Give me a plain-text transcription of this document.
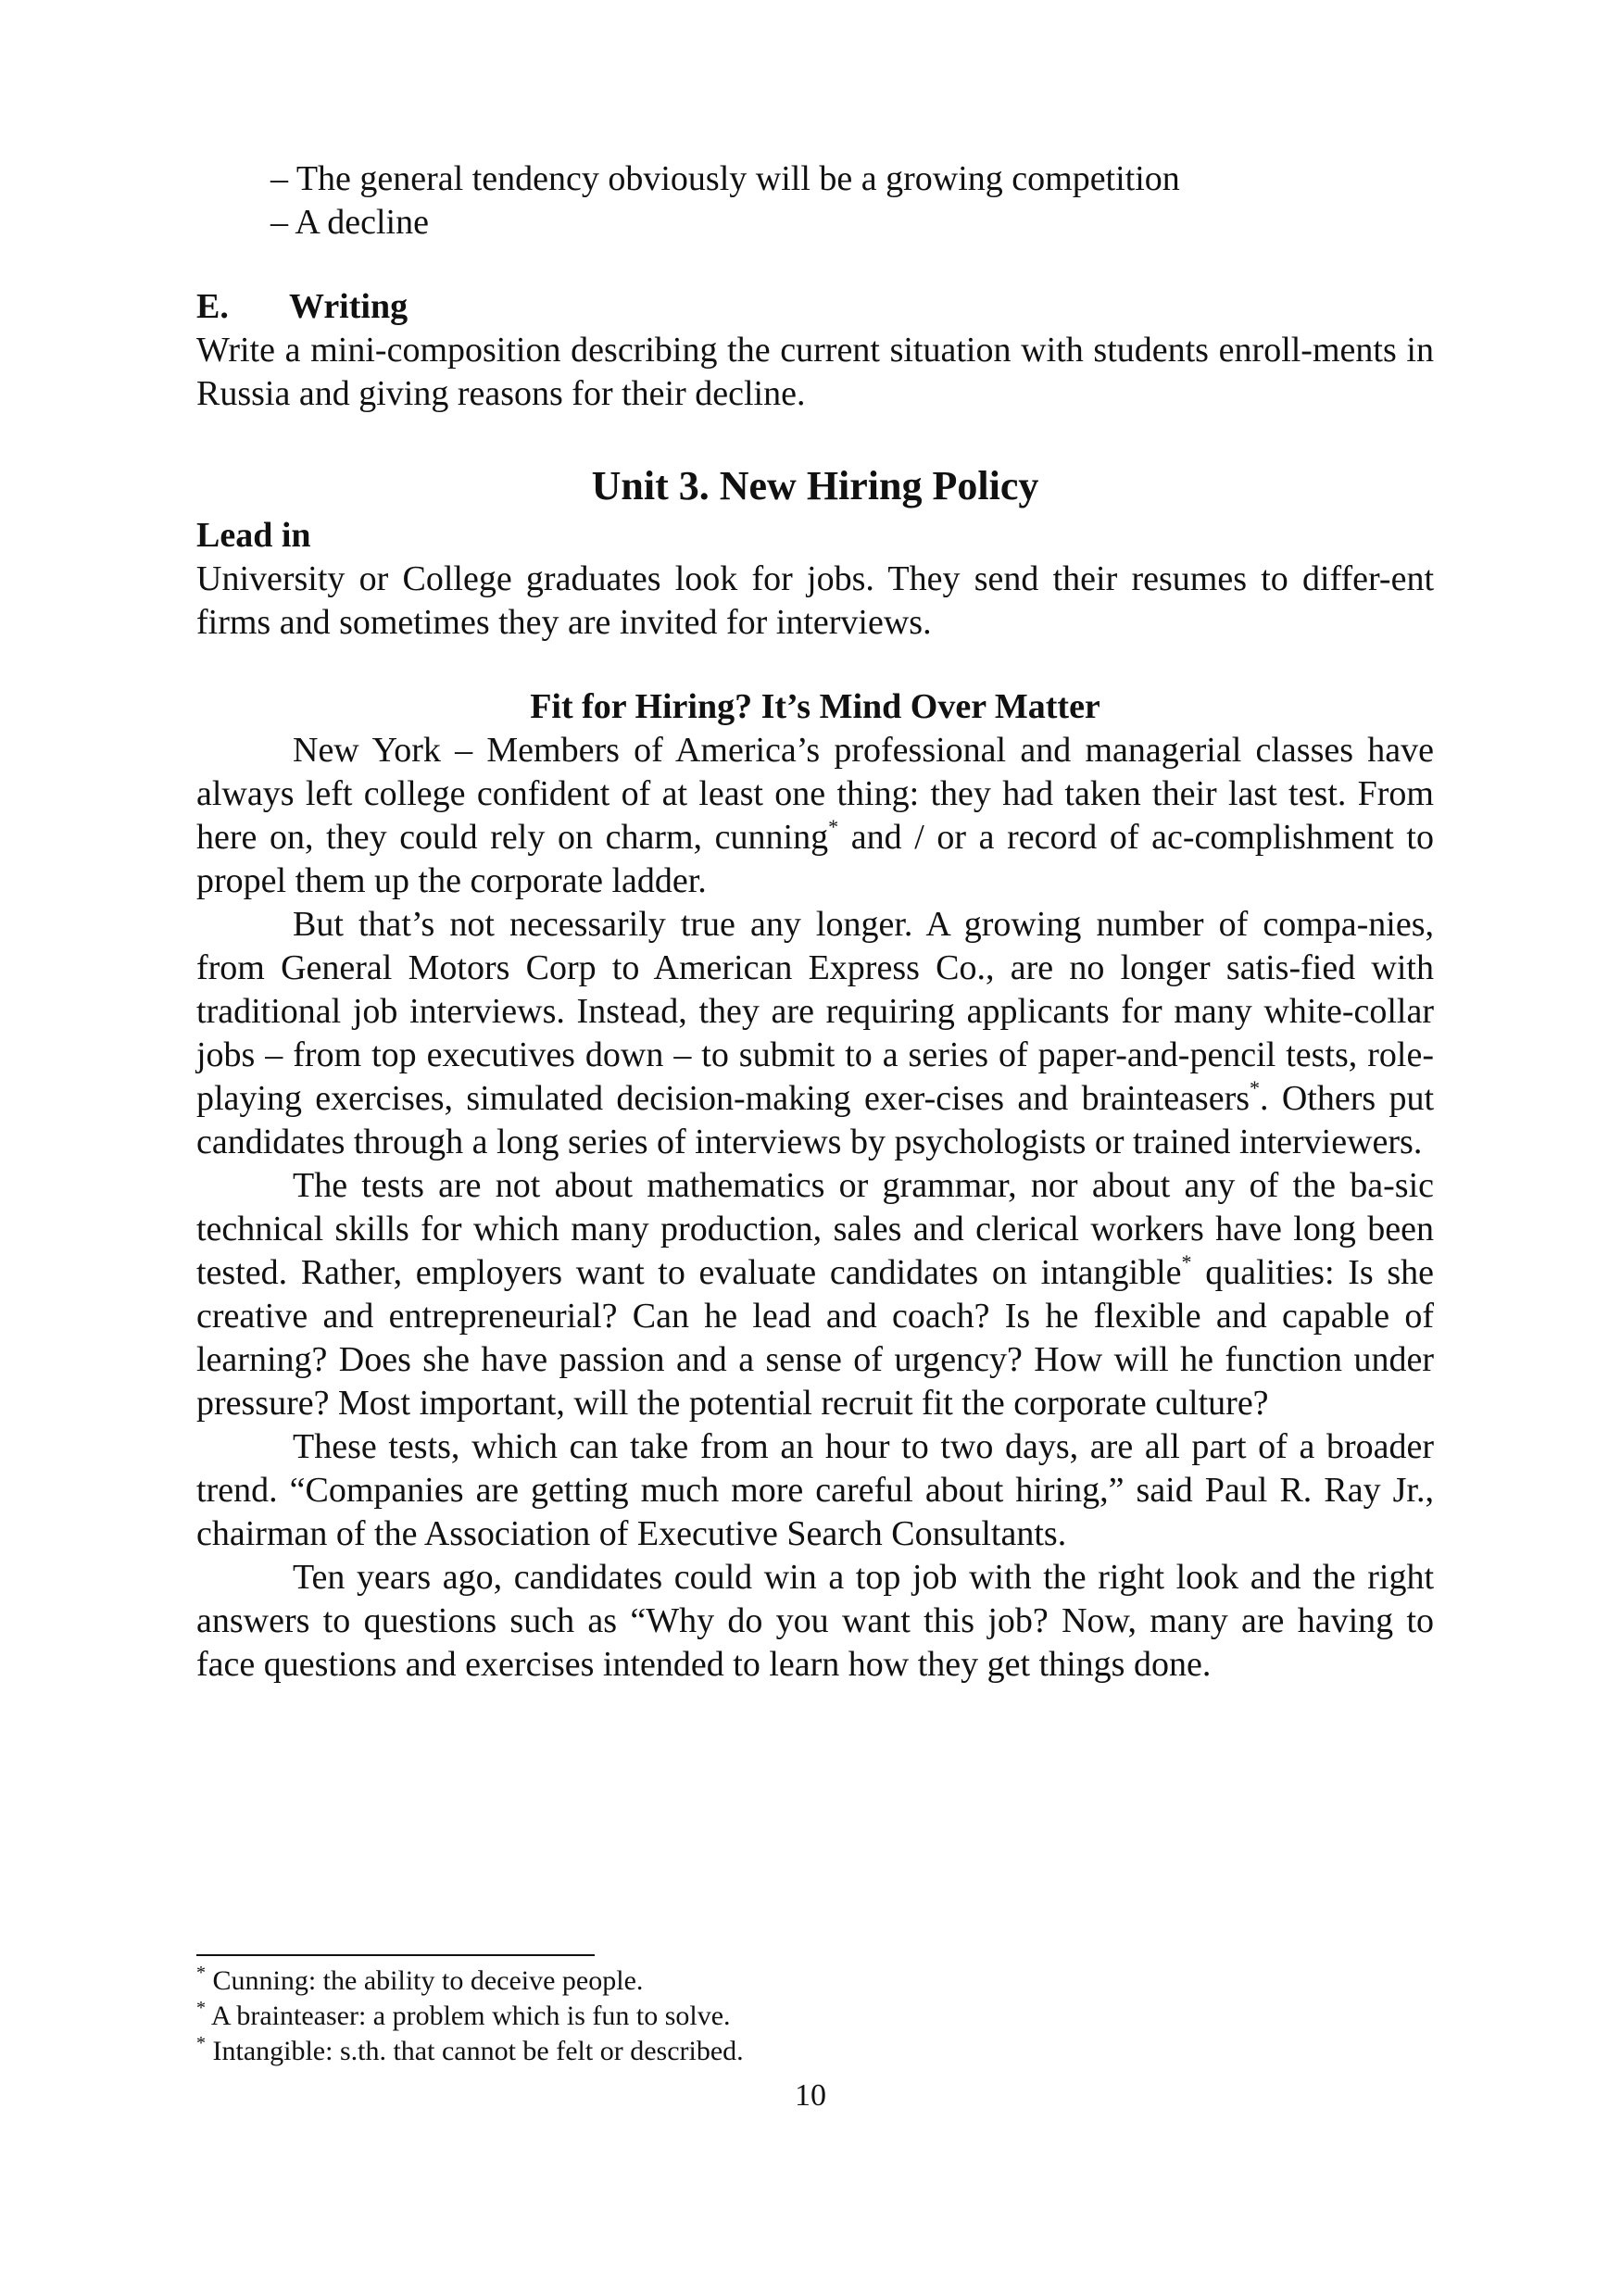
– The general tendency obviously will be a growing competition

– A decline

E. Writing

Write a mini-composition describing the current situation with students enroll-ments in Russia and giving reasons for their decline.

Unit 3. New Hiring Policy

Lead in

University or College graduates look for jobs. They send their resumes to differ-ent firms and sometimes they are invited for interviews.

Fit for Hiring? It’s Mind Over Matter

New York – Members of America’s professional and managerial classes have always left college confident of at least one thing: they had taken their last test. From here on, they could rely on charm, cunning* and / or a record of ac-complishment to propel them up the corporate ladder.

But that’s not necessarily true any longer. A growing number of compa-nies, from General Motors Corp to American Express Co., are no longer satis-fied with traditional job interviews. Instead, they are requiring applicants for many white-collar jobs – from top executives down – to submit to a series of paper-and-pencil tests, role-playing exercises, simulated decision-making exer-cises and brainteasers*. Others put candidates through a long series of interviews by psychologists or trained interviewers.

The tests are not about mathematics or grammar, nor about any of the ba-sic technical skills for which many production, sales and clerical workers have long been tested. Rather, employers want to evaluate candidates on intangible* qualities: Is she creative and entrepreneurial? Can he lead and coach? Is he flexible and capable of learning? Does she have passion and a sense of urgency? How will he function under pressure? Most important, will the potential recruit fit the corporate culture?

These tests, which can take from an hour to two days, are all part of a broader trend. “Companies are getting much more careful about hiring,” said Paul R. Ray Jr., chairman of the Association of Executive Search Consultants.

Ten years ago, candidates could win a top job with the right look and the right answers to questions such as “Why do you want this job? Now, many are having to face questions and exercises intended to learn how they get things done.

* Cunning: the ability to deceive people.

* A brainteaser: a problem which is fun to solve.

* Intangible: s.th. that cannot be felt or described.

10
